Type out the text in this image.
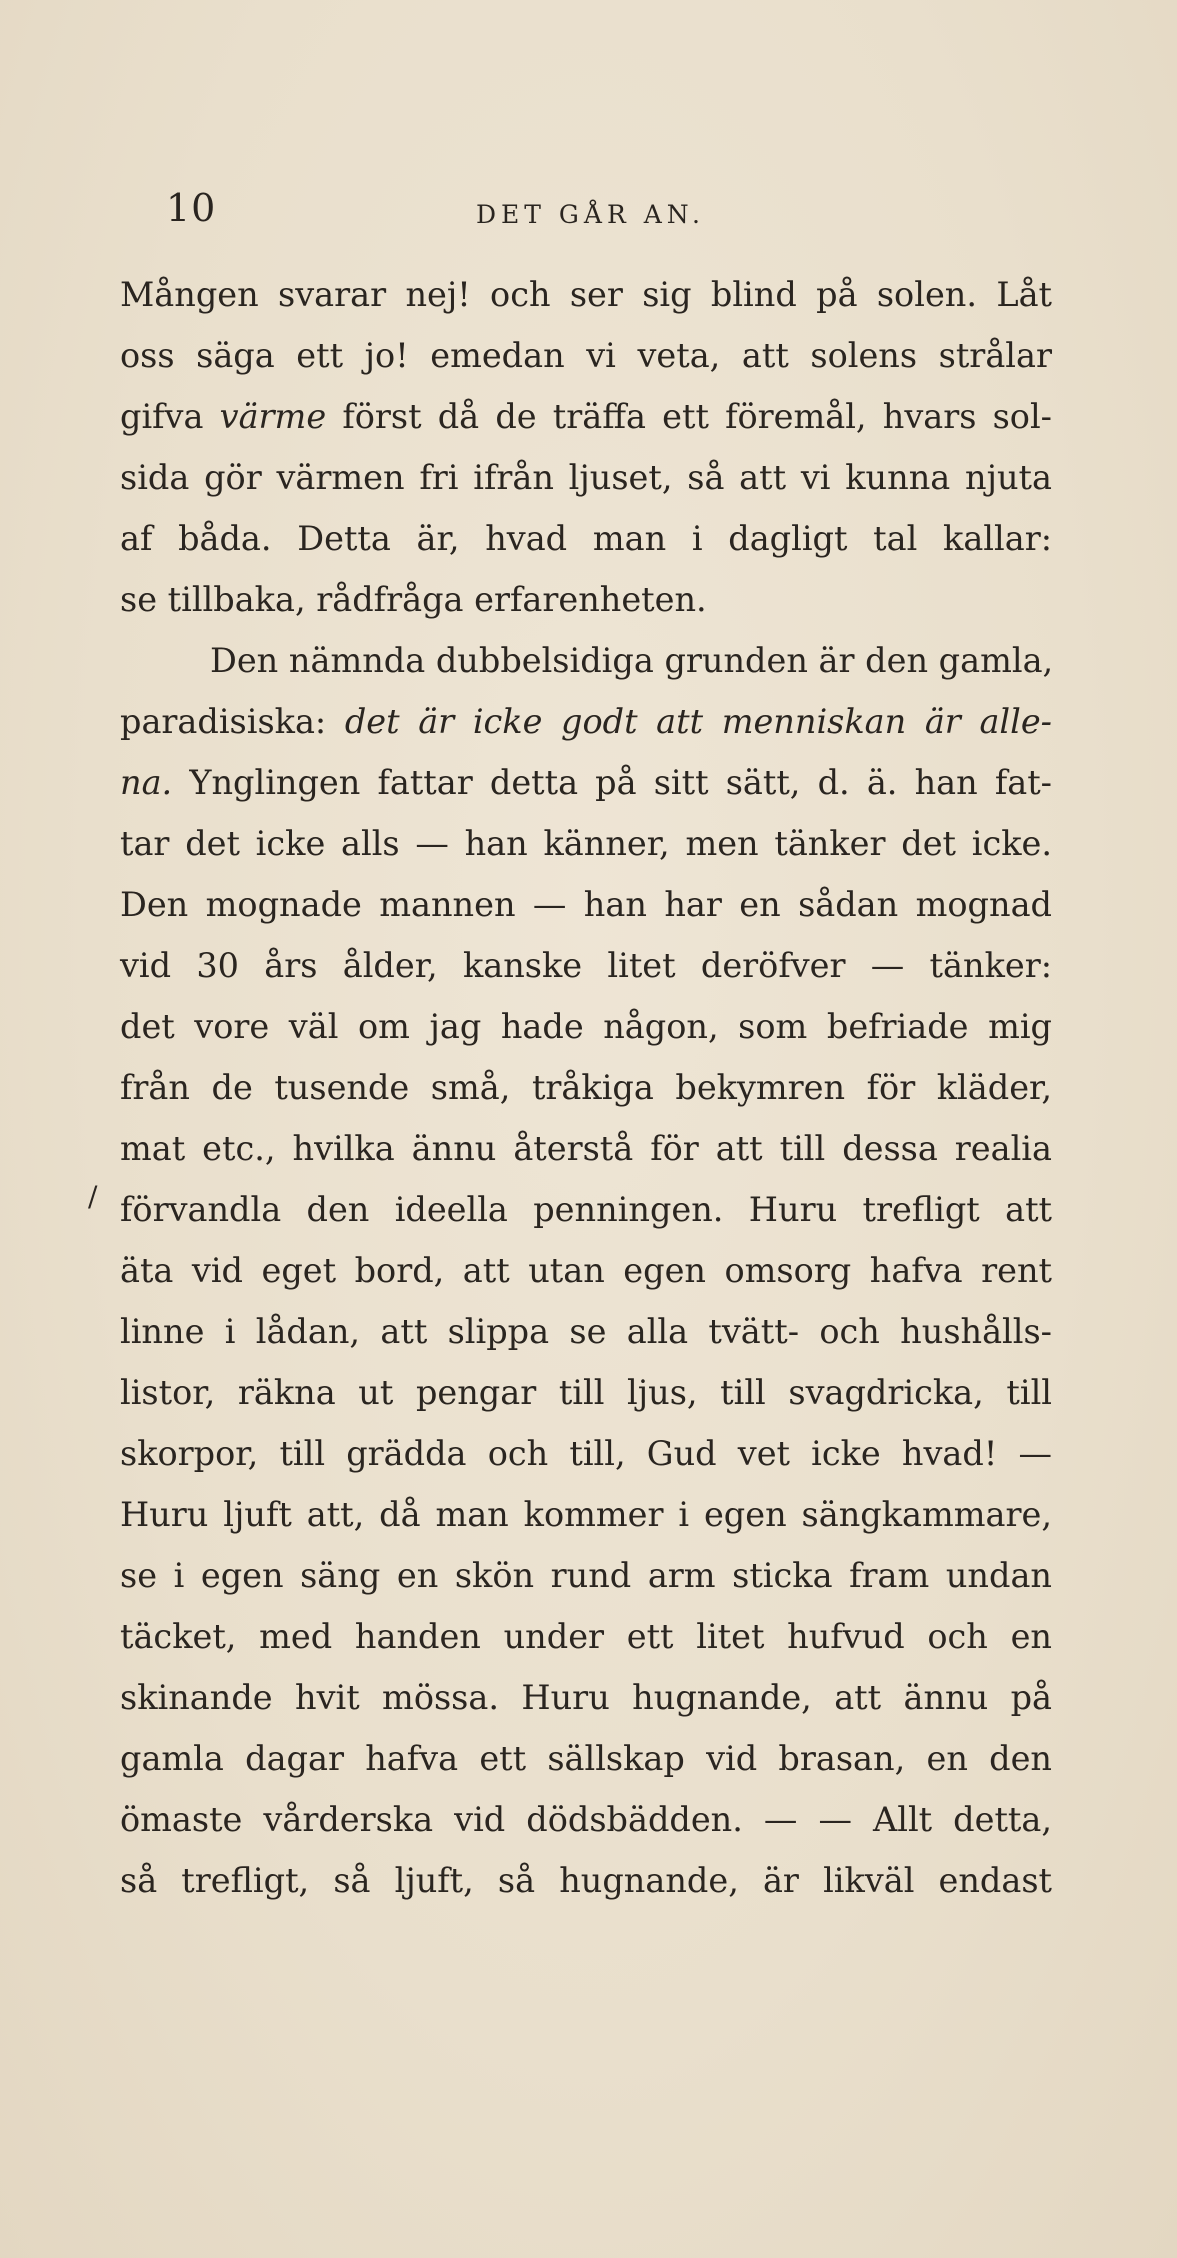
10	DET GÅR AN.
/
Mången svarar nej! och ser sig blind på solen. Låt
oss säga ett jo! emedan vi veta, att solens strålar
gifva värme först då de träffa ett föremål, hvars sol-
sida gör värmen fri ifrån ljuset, så att vi kunna njuta
af båda. Detta är, hvad man i dagligt tal kallar:
se tillbaka, rådfråga erfarenheten.
Den nämnda dubbelsidiga grunden är den gamla,
paradisiska: det är icke godt att menniskan är alle-
na. Ynglingen fattar detta på sitt sätt, d. ä. han fat-
tar det icke alls — han känner, men tänker det icke.
Den mognade mannen — han har en sådan mognad
vid 30 års ålder, kanske litet deröfver — tänker:
det vore väl om jag hade någon, som befriade mig
från de tusende små, tråkiga bekymren för kläder,
mat etc., hvilka ännu återstå för att till dessa realia
förvandla den ideella penningen. Huru trefligt att
äta vid eget bord, att utan egen omsorg hafva rent
linne i lådan, att slippa se alla tvätt- och hushålls-
listor, räkna ut pengar till ljus, till svagdricka, till
skorpor, till grädda och till, Gud vet icke hvad! —
Huru ljuft att, då man kommer i egen sängkammare,
se i egen säng en skön rund arm sticka fram undan
täcket, med handen under ett litet hufvud och en
skinande hvit mössa. Huru hugnande, att ännu på
gamla dagar hafva ett sällskap vid brasan, en den
ömaste vårderska vid dödsbädden. — — Allt detta,
så trefligt, så ljuft, så hugnande, är likväl endast
